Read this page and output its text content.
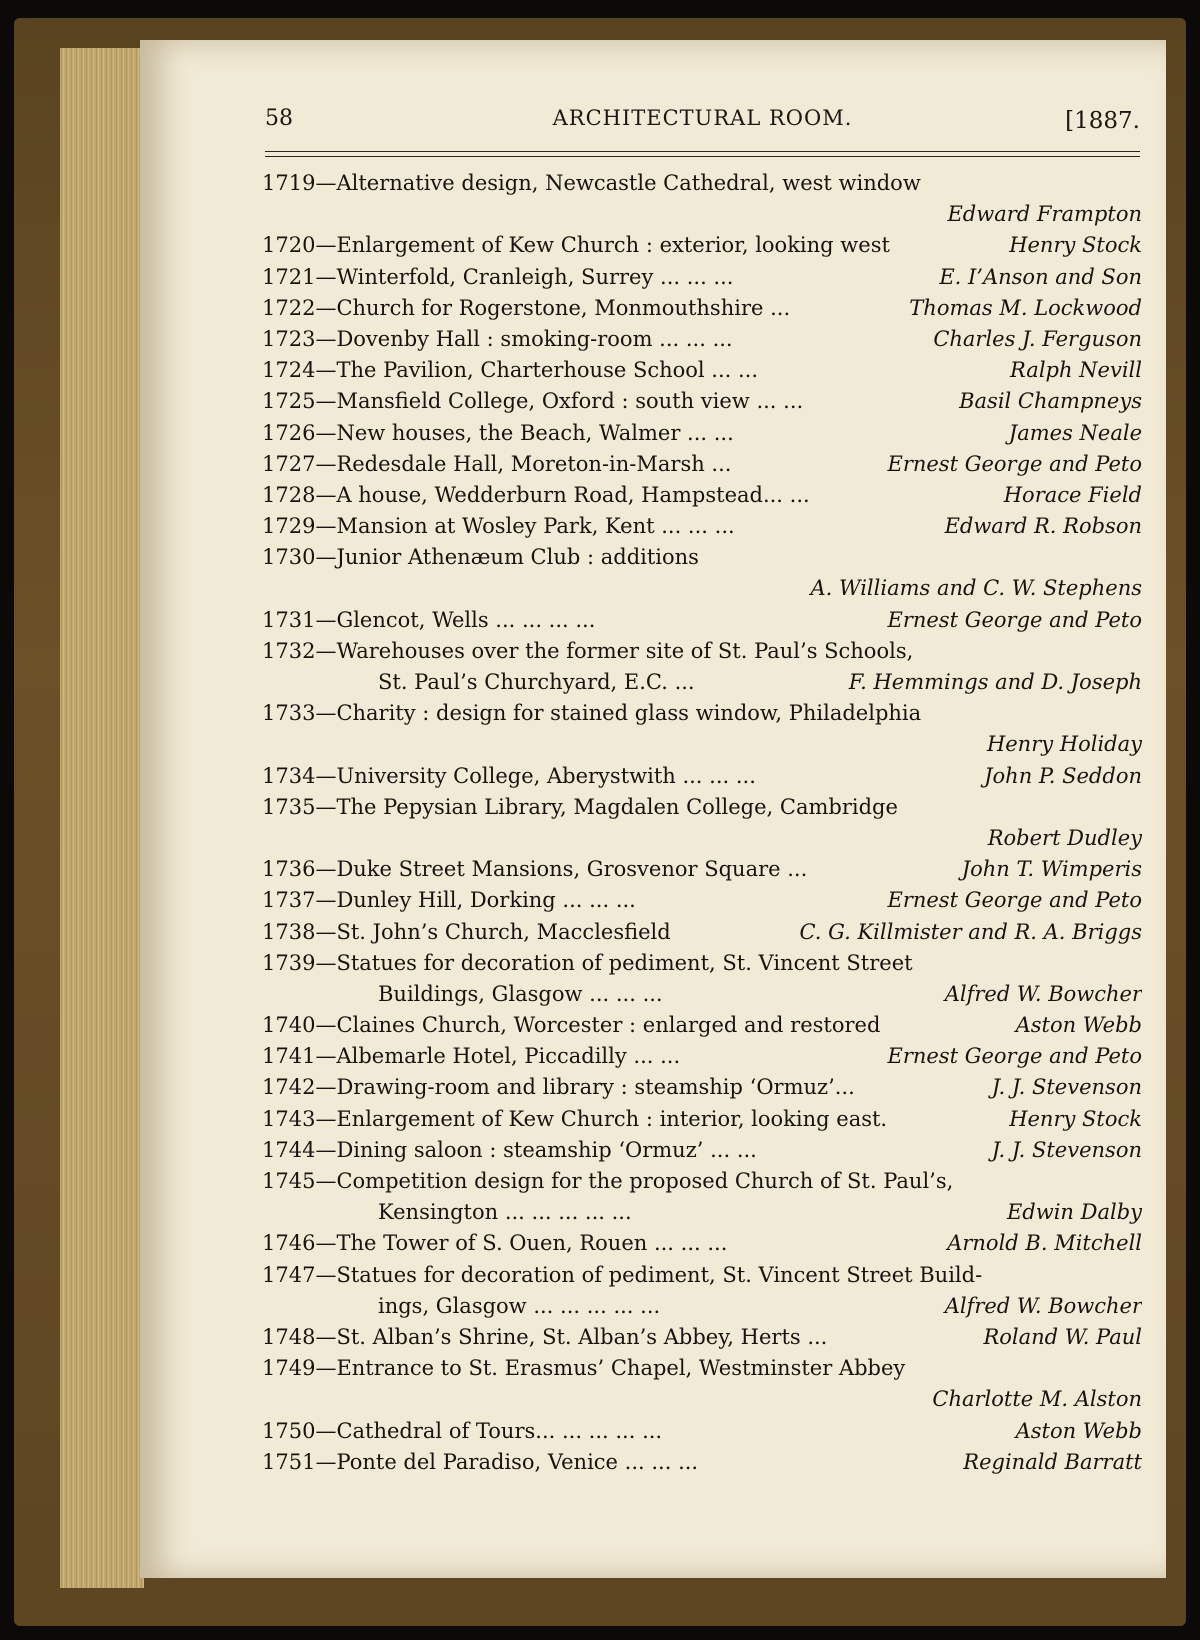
58	ARCHITECTURAL ROOM.	[1887.
1719—Alternative design, Newcastle Cathedral, west window
Edward Frampton
1720—Enlargement of Kew Church : exterior, looking west	Henry Stock
1721—Winterfold, Cranleigh, Surrey ... ... ...	E. I’Anson and Son
1722—Church for Rogerstone, Monmouthshire ...	Thomas M. Lockwood
1723—Dovenby Hall : smoking-room ... ... ...	Charles J. Ferguson
1724—The Pavilion, Charterhouse School ... ...	Ralph Nevill
1725—Mansfield College, Oxford : south view ... ...	Basil Champneys
1726—New houses, the Beach, Walmer ... ...	James Neale
1727—Redesdale Hall, Moreton-in-Marsh ...	Ernest George and Peto
1728—A house, Wedderburn Road, Hampstead... ...	Horace Field
1729—Mansion at Wosley Park, Kent ... ... ...	Edward R. Robson
1730—Junior Athenæum Club : additions
A. Williams and C. W. Stephens
1731—Glencot, Wells ... ... ... ...	Ernest George and Peto
1732—Warehouses over the former site of St. Paul’s Schools,
St. Paul’s Churchyard, E.C. ...	F. Hemmings and D. Joseph
1733—Charity : design for stained glass window, Philadelphia
Henry Holiday
1734—University College, Aberystwith ... ... ...	John P. Seddon
1735—The Pepysian Library, Magdalen College, Cambridge
Robert Dudley
1736—Duke Street Mansions, Grosvenor Square ...	John T. Wimperis
1737—Dunley Hill, Dorking ... ... ...	Ernest George and Peto
1738—St. John’s Church, Macclesfield	C. G. Killmister and R. A. Briggs
1739—Statues for decoration of pediment, St. Vincent Street
Buildings, Glasgow ... ... ...	Alfred W. Bowcher
1740—Claines Church, Worcester : enlarged and restored	Aston Webb
1741—Albemarle Hotel, Piccadilly ... ...	Ernest George and Peto
1742—Drawing-room and library : steamship ‘Ormuz’...	J. J. Stevenson
1743—Enlargement of Kew Church : interior, looking east.	Henry Stock
1744—Dining saloon : steamship ‘Ormuz’ ... ...	J. J. Stevenson
1745—Competition design for the proposed Church of St. Paul’s,
Kensington ... ... ... ... ...	Edwin Dalby
1746—The Tower of S. Ouen, Rouen ... ... ...	Arnold B. Mitchell
1747—Statues for decoration of pediment, St. Vincent Street Build-
ings, Glasgow ... ... ... ... ...	Alfred W. Bowcher
1748—St. Alban’s Shrine, St. Alban’s Abbey, Herts ...	Roland W. Paul
1749—Entrance to St. Erasmus’ Chapel, Westminster Abbey
Charlotte M. Alston
1750—Cathedral of Tours... ... ... ... ...	Aston Webb
1751—Ponte del Paradiso, Venice ... ... ...	Reginald Barratt
